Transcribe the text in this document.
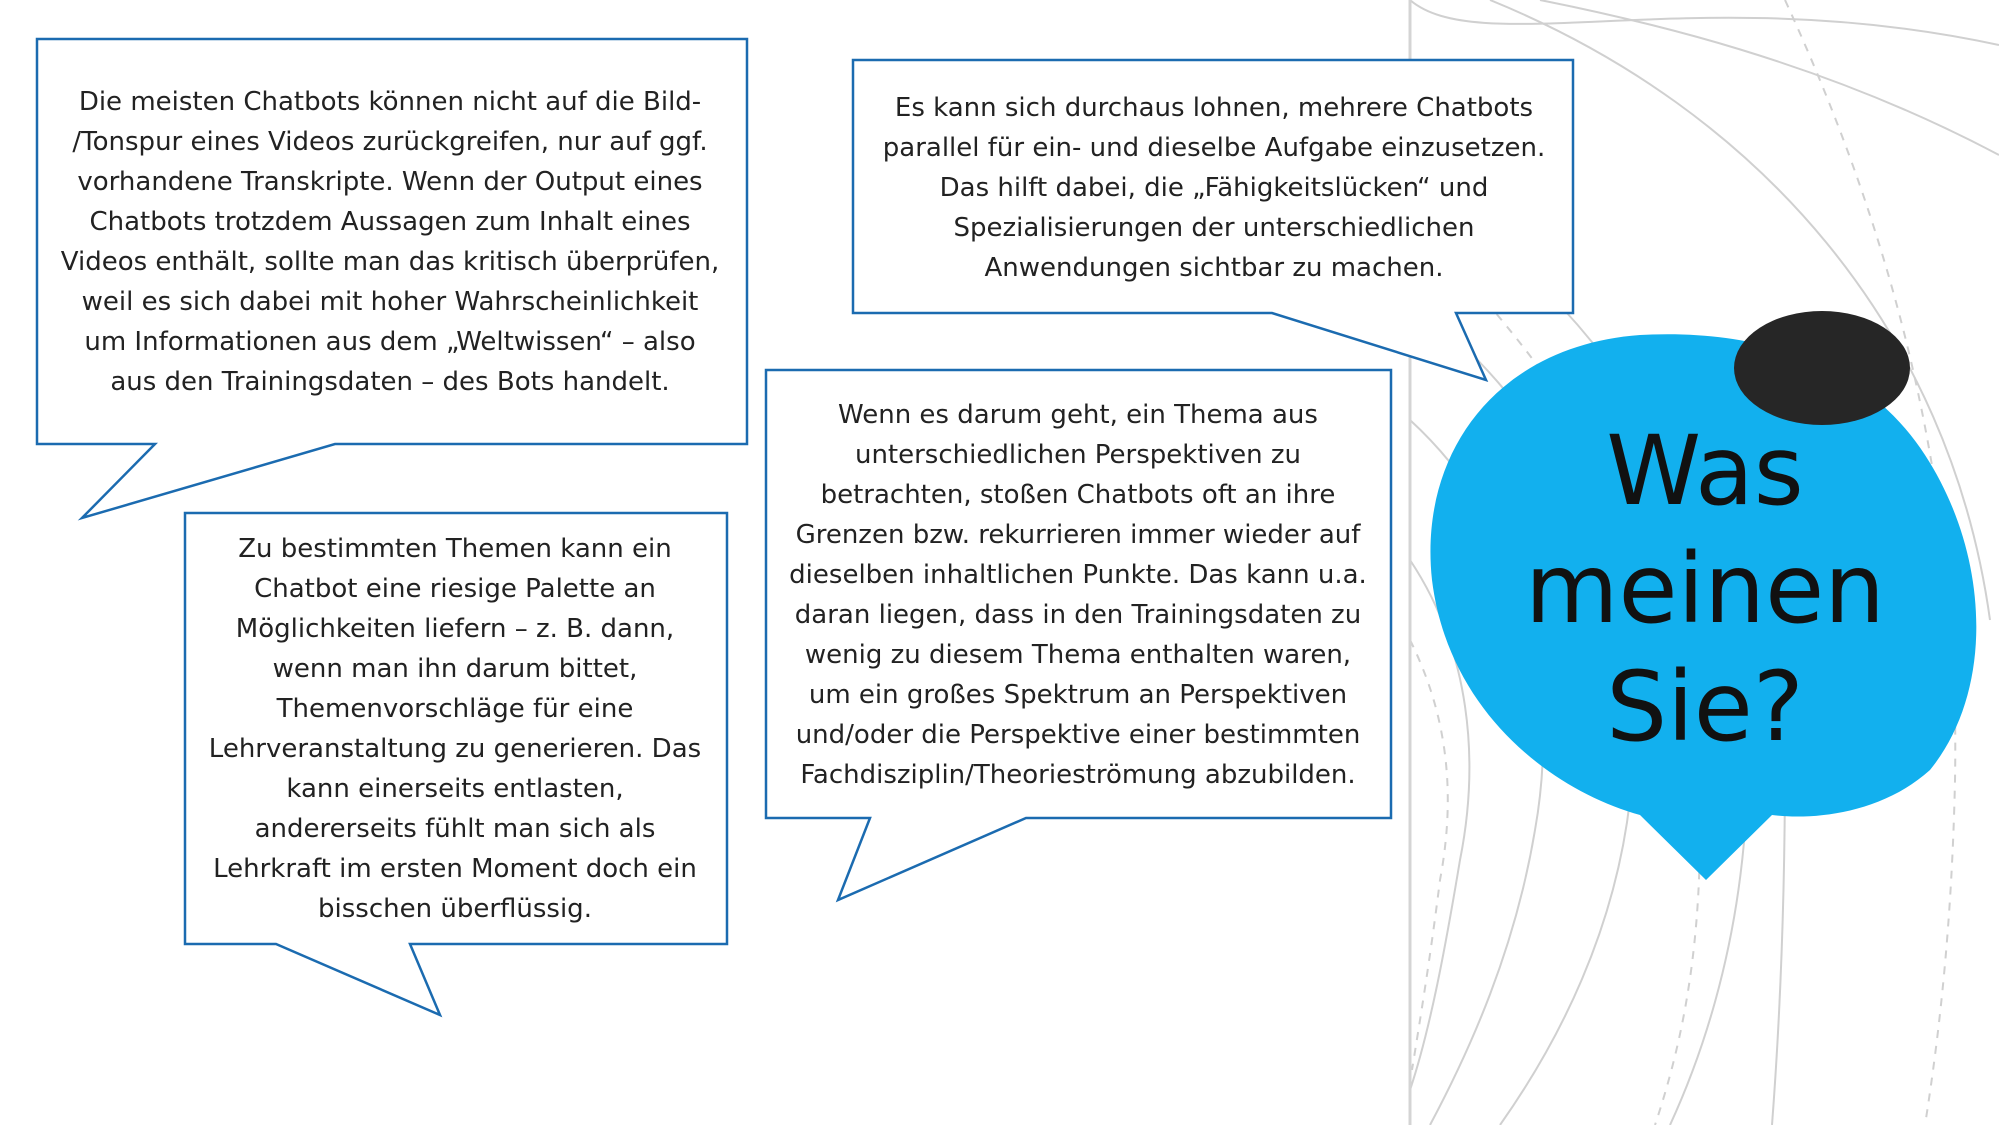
Die meisten Chatbots können nicht auf die Bild-
/Tonspur eines Videos zurückgreifen, nur auf ggf.
vorhandene Transkripte. Wenn der Output eines
Chatbots trotzdem Aussagen zum Inhalt eines
Videos enthält, sollte man das kritisch überprüfen,
weil es sich dabei mit hoher Wahrscheinlichkeit
um Informationen aus dem „Weltwissen“ – also
aus den Trainingsdaten – des Bots handelt.

Es kann sich durchaus lohnen, mehrere Chatbots
parallel für ein- und dieselbe Aufgabe einzusetzen.
Das hilft dabei, die „Fähigkeitslücken“ und
Spezialisierungen der unterschiedlichen
Anwendungen sichtbar zu machen.

Zu bestimmten Themen kann ein
Chatbot eine riesige Palette an
Möglichkeiten liefern – z. B. dann,
wenn man ihn darum bittet,
Themenvorschläge für eine
Lehrveranstaltung zu generieren. Das
kann einerseits entlasten,
andererseits fühlt man sich als
Lehrkraft im ersten Moment doch ein
bisschen überflüssig.

Wenn es darum geht, ein Thema aus
unterschiedlichen Perspektiven zu
betrachten, stoßen Chatbots oft an ihre
Grenzen bzw. rekurrieren immer wieder auf
dieselben inhaltlichen Punkte. Das kann u.a.
daran liegen, dass in den Trainingsdaten zu
wenig zu diesem Thema enthalten waren,
um ein großes Spektrum an Perspektiven
und/oder die Perspektive einer bestimmten
Fachdisziplin/Theorieströmung abzubilden.

Was
meinen
Sie?
